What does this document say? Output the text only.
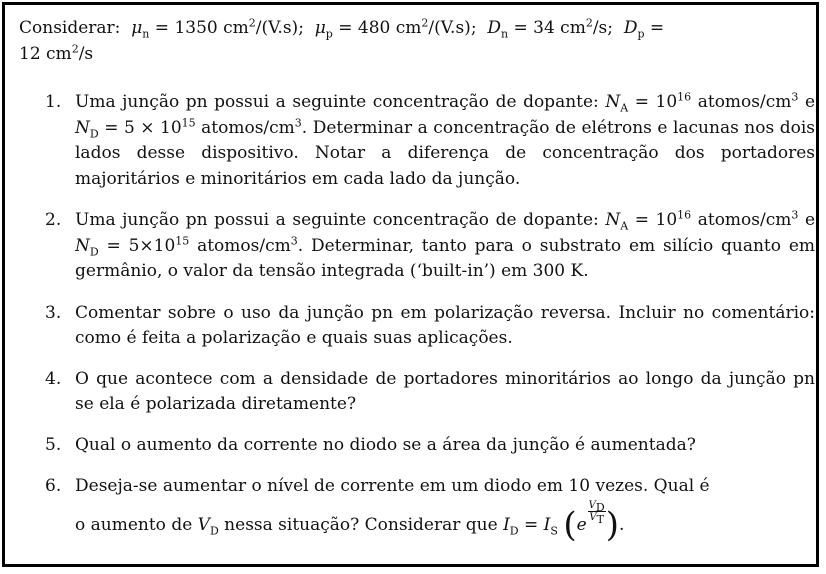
Considerar: $\mu_n = 1350$ $cm^2/(V.s)$; $\mu_p = 480$ $cm^2/(V.s)$; $D_n = 34$ $cm^2/s$; $D_p$ =
12 $cm^2/s$
1. Uma junção pn possui a seguinte concentração de dopante: $N_A = 10^{16}$ atomos/$cm^3$ e $N_D = 5 \times 10^{15}$ atomos/$cm^3$. Determinar a concentração de elétrons e lacunas nos dois lados desse dispositivo. Notar a diferença de concentração dos portadores majoritários e minoritários em cada lado da junção.
2. Uma junção pn possui a seguinte concentração de dopante: $N_A = 10^{16}$ atomos/$cm^3$ e $N_D = 5\times 10^{15}$ atomos/$cm^3$. Determinar, tanto para o substrato em silício quanto em germânio, o valor da tensão integrada (‘built-in’) em 300 K.
3. Comentar sobre o uso da junção pn em polarização reversa. Incluir no comentário: como é feita a polarização e quais suas aplicações.
4. O que acontece com a densidade de portadores minoritários ao longo da junção pn se ela é polarizada diretamente?
5. Qual o aumento da corrente no diodo se a área da junção é aumentada?
6. Deseja-se aumentar o nível de corrente em um diodo em 10 vezes. Qual é
o aumento de $V_D$ nessa situação? Considerar que $I_D = I_S$ (e
$\frac{V_D}{V_T}$ ).
